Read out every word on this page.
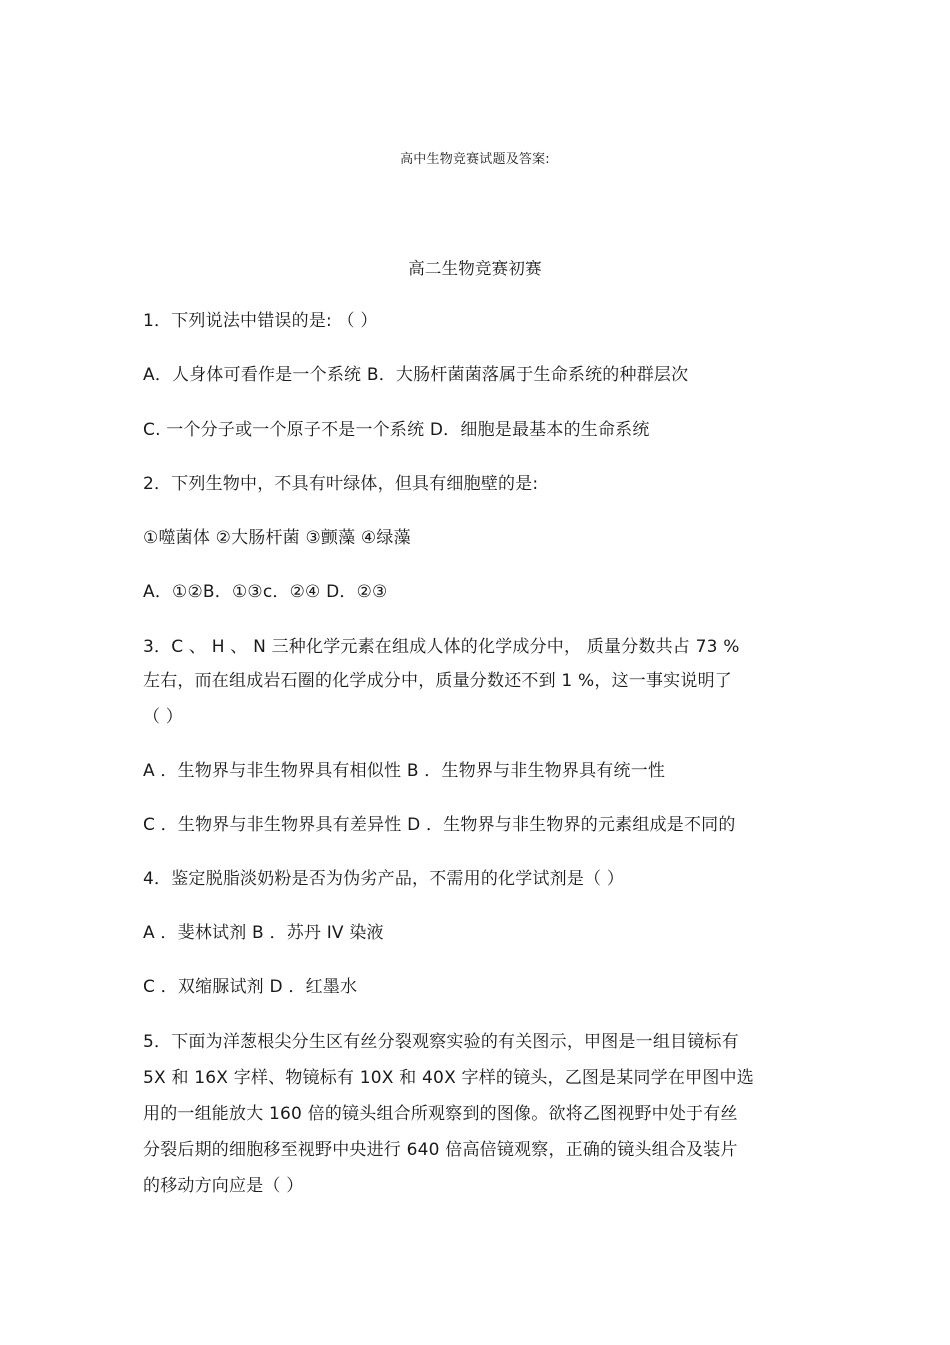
高中生物竞赛试题及答案:
高二生物竞赛初赛
1．下列说法中错误的是: （ ）
A．人身体可看作是一个系统 B．大肠杆菌菌落属于生命系统的种群层次
C. 一个分子或一个原子不是一个系统 D．细胞是最基本的生命系统
2．下列生物中，不具有叶绿体，但具有细胞壁的是:
①噬菌体 ②大肠杆菌 ③颤藻 ④绿藻
A．①②B．①③c．②④ D．②③
3．C 、 H 、 N 三种化学元素在组成人体的化学成分中， 质量分数共占 73 %
左右，而在组成岩石圈的化学成分中，质量分数还不到 1 %，这一事实说明了
（ ）
A ．生物界与非生物界具有相似性 B ．生物界与非生物界具有统一性
C ．生物界与非生物界具有差异性 D ．生物界与非生物界的元素组成是不同的
4．鉴定脱脂淡奶粉是否为伪劣产品，不需用的化学试剂是（ ）
A ．斐林试剂 B ．苏丹 IV 染液
C ．双缩脲试剂 D ．红墨水
5．下面为洋葱根尖分生区有丝分裂观察实验的有关图示，甲图是一组目镜标有
5X 和 16X 字样、物镜标有 10X 和 40X 字样的镜头，乙图是某同学在甲图中选
用的一组能放大 160 倍的镜头组合所观察到的图像。欲将乙图视野中处于有丝
分裂后期的细胞移至视野中央进行 640 倍高倍镜观察，正确的镜头组合及装片
的移动方向应是（ ）
